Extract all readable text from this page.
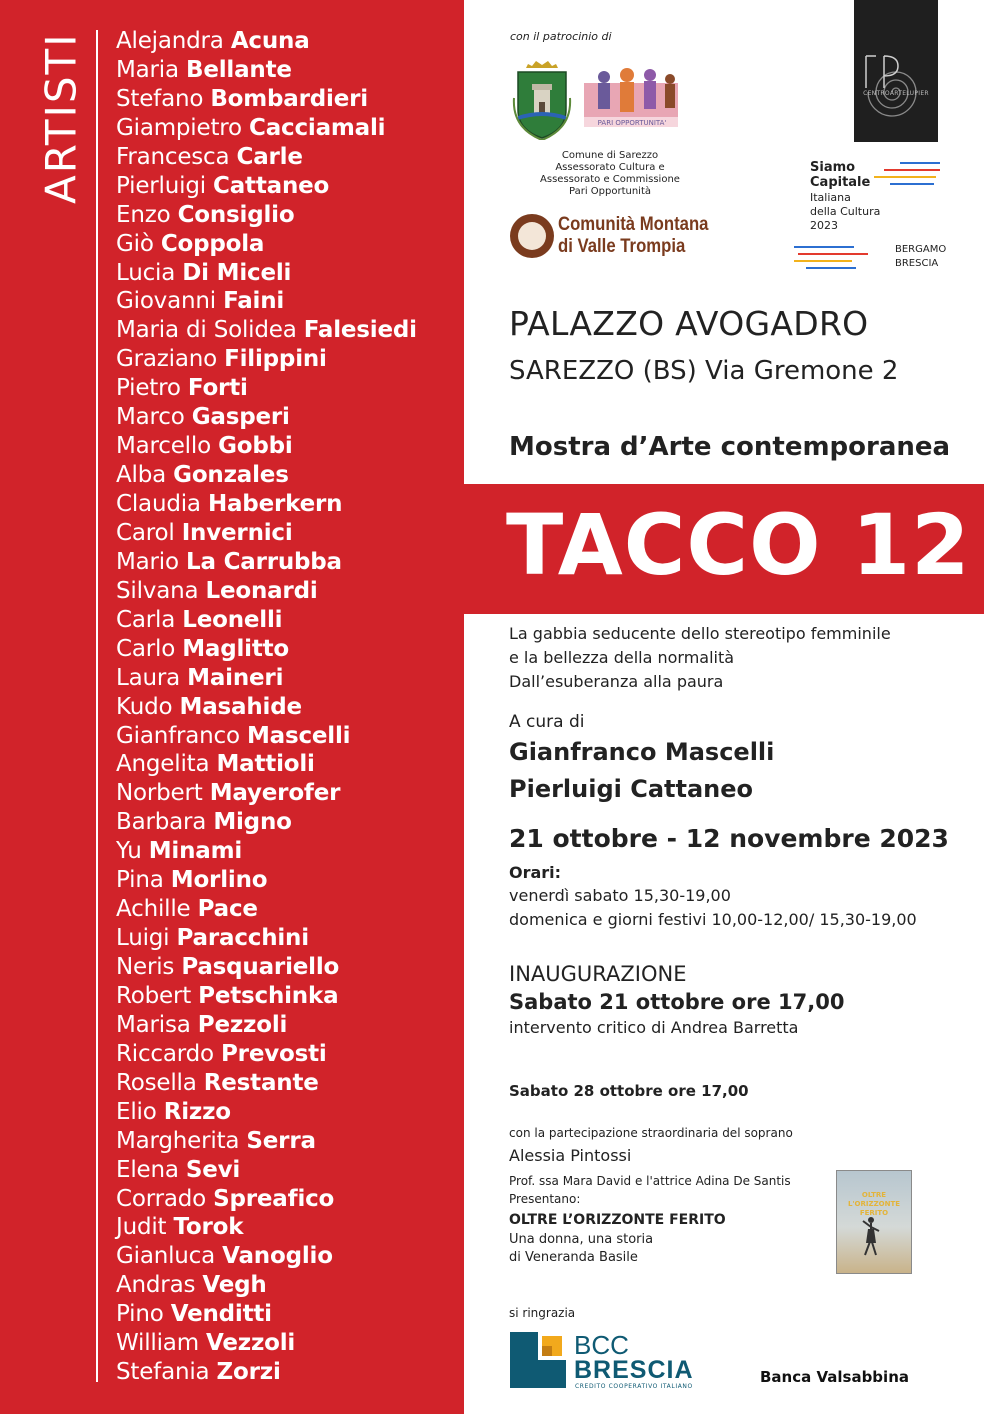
ARTISTI Alejandra Acuna
Maria Bellante
Stefano Bombardieri
Giampietro Cacciamali
Francesca Carle
Pierluigi Cattaneo
Enzo Consiglio
Giò Coppola
Lucia Di Miceli
Giovanni Faini
Maria di Solidea Falesiedi
Graziano Filippini
Pietro Forti
Marco Gasperi
Marcello Gobbi
Alba Gonzales
Claudia Haberkern
Carol Invernici
Mario La Carrubba
Silvana Leonardi
Carla Leonelli
Carlo Maglitto
Laura Maineri
Kudo Masahide
Gianfranco Mascelli
Angelita Mattioli
Norbert Mayerofer
Barbara Migno
Yu Minami
Pina Morlino
Achille Pace
Luigi Paracchini
Neris Pasquariello
Robert Petschinka
Marisa Pezzoli
Riccardo Prevosti
Rosella Restante
Elio Rizzo
Margherita Serra
Elena Sevi
Corrado Spreafico
Judit Torok
Gianluca Vanoglio
Andras Vegh
Pino Venditti
William Vezzoli
Stefania Zorzi
con il patrocinio di
PARI OPPORTUNITA'
Comune di Sarezzo
Assessorato Cultura e
Assessorato e Commissione
Pari Opportunità
CENTROARTELUPIER
Siamo
Capitale
Italiana
della Cultura
2023
BERGAMO
BRESCIA
Comunità Montana
di Valle Trompia
PALAZZO AVOGADRO
SAREZZO (BS) Via Gremone 2
Mostra d’Arte contemporanea
TACCO 12
La gabbia seducente dello stereotipo femminile
e la bellezza della normalità
Dall’esuberanza alla paura
A cura di
Gianfranco Mascelli
Pierluigi Cattaneo
21 ottobre - 12 novembre 2023
Orari:
venerdì sabato 15,30-19,00
domenica e giorni festivi 10,00-12,00/ 15,30-19,00
INAUGURAZIONE
Sabato 21 ottobre ore 17,00
intervento critico di Andrea Barretta
Sabato 28 ottobre ore 17,00
con la partecipazione straordinaria del soprano
Alessia Pintossi
Prof. ssa Mara David e l'attrice Adina De Santis
Presentano:
OLTRE L’ORIZZONTE FERITO
Una donna, una storia
di Veneranda Basile
OLTRE L'ORIZZONTE FERITO
si ringrazia
BCC
BRESCIA
CREDITO COOPERATIVO ITALIANO
Banca Valsabbina
